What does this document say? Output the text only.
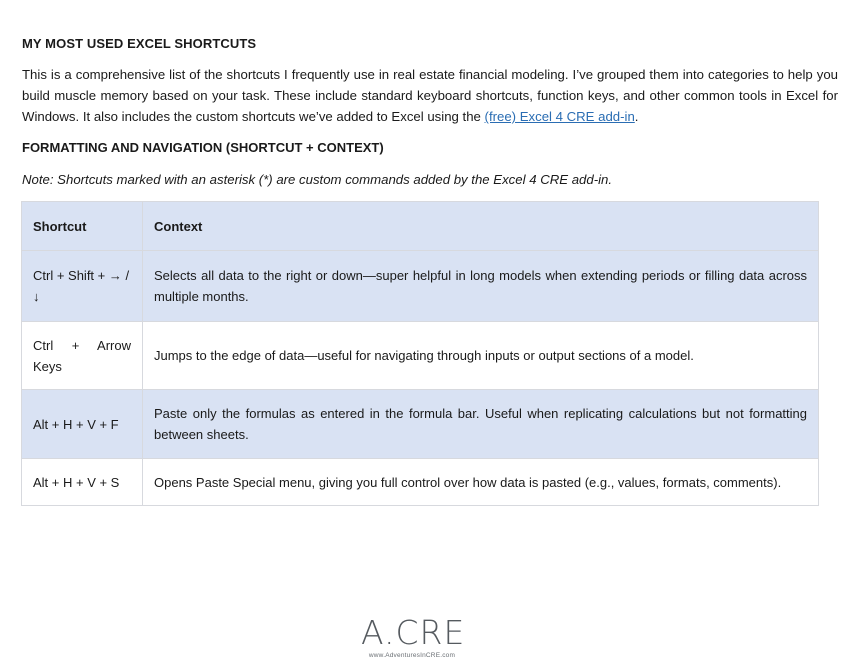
MY MOST USED EXCEL SHORTCUTS
This is a comprehensive list of the shortcuts I frequently use in real estate financial modeling. I’ve grouped them into categories to help you build muscle memory based on your task. These include standard keyboard shortcuts, function keys, and other common tools in Excel for Windows. It also includes the custom shortcuts we’ve added to Excel using the (free) Excel 4 CRE add-in.
FORMATTING AND NAVIGATION (SHORTCUT + CONTEXT)
Note: Shortcuts marked with an asterisk (*) are custom commands added by the Excel 4 CRE add-in.
Shortcut	Context
Ctrl + Shift + → / ↓	Selects all data to the right or down—super helpful in long models when extending periods or filling data across multiple months.
Ctrl + Arrow Keys	Jumps to the edge of data—useful for navigating through inputs or output sections of a model.
Alt + H + V + F	Paste only the formulas as entered in the formula bar. Useful when replicating calculations but not formatting between sheets.
Alt + H + V + S	Opens Paste Special menu, giving you full control over how data is pasted (e.g., values, formats, comments).
A.CRE
www.AdventuresInCRE.com
